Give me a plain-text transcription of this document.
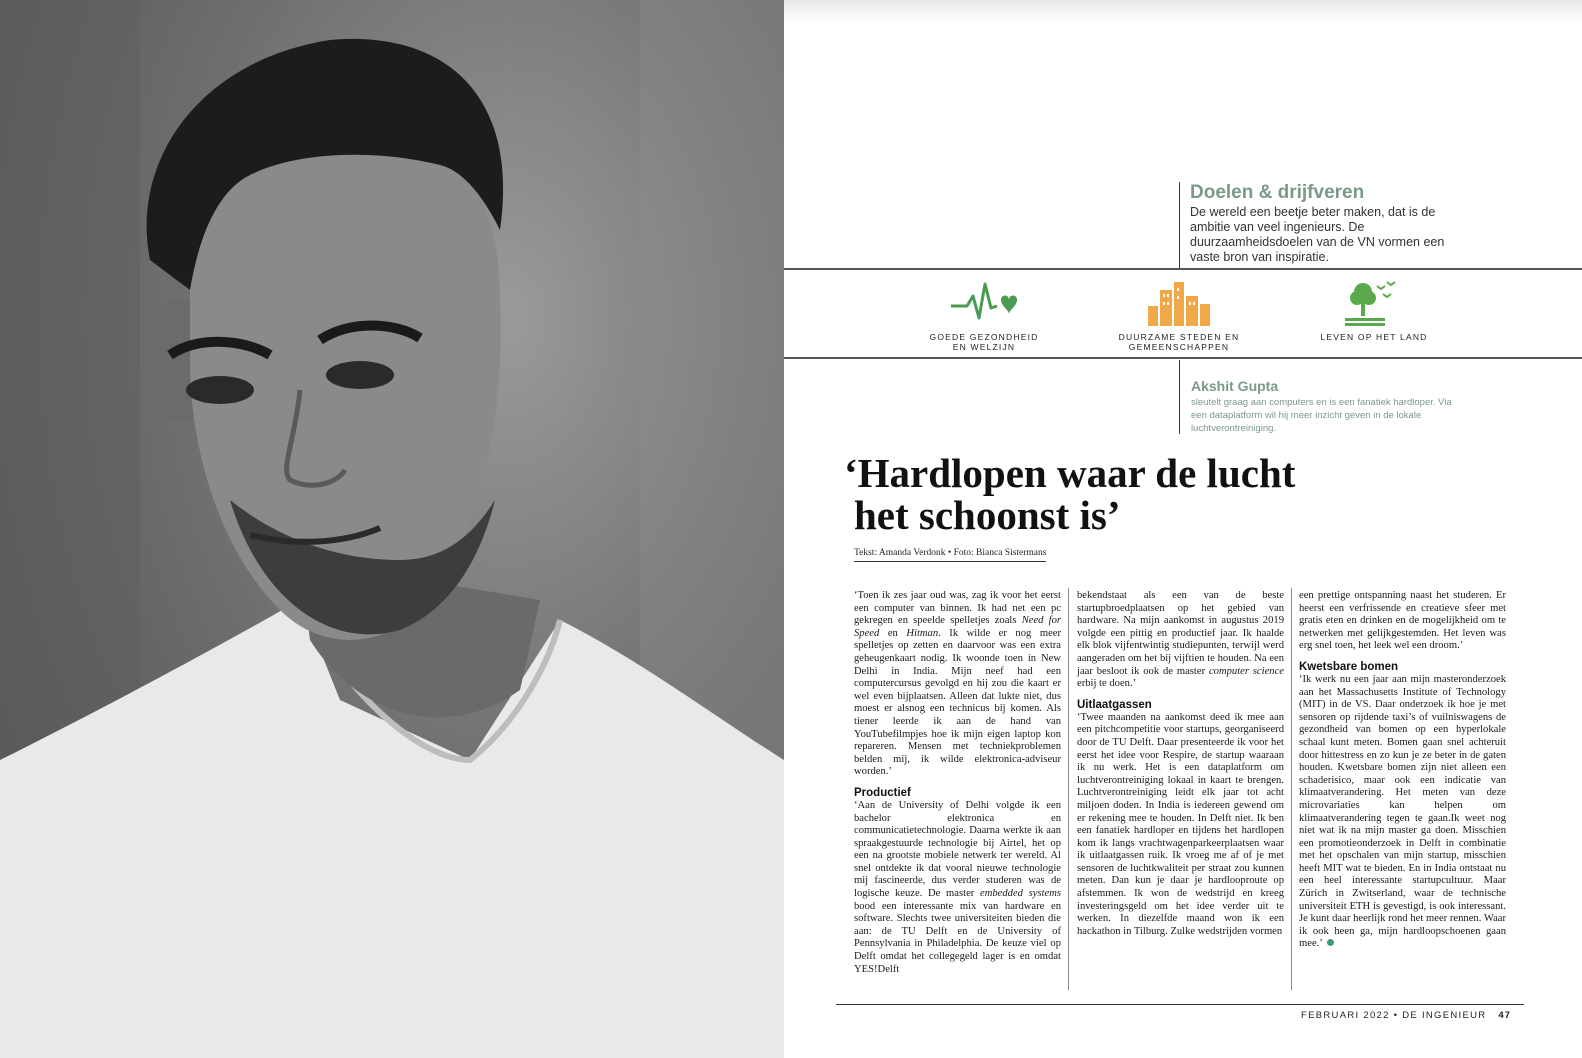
Doelen & drijfveren
De wereld een beetje beter maken, dat is de ambitie van veel ingenieurs. De duurzaamheidsdoelen van de VN vormen een vaste bron van inspiratie.
GOEDE GEZONDHEID
EN WELZIJN
DUURZAME STEDEN EN
GEMEENSCHAPPEN
LEVEN OP HET LAND
Akshit Gupta
sleutelt graag aan computers en is een fanatiek hardloper. Via een dataplatform wil hij meer inzicht geven in de lokale luchtverontreiniging.
‘Hardlopen waar de lucht
het schoonst is’
Tekst: Amanda Verdonk • Foto: Bianca Sistermans

‘Toen ik zes jaar oud was, zag ik voor het eerst een computer van binnen. Ik had net een pc gekregen en speelde spelletjes zoals Need for Speed en Hitman. Ik wilde er nog meer spelletjes op zetten en daarvoor was een extra geheugenkaart nodig. Ik woonde toen in New Delhi in India. Mijn neef had een computercursus gevolgd en hij zou die kaart er wel even bijplaatsen. Alleen dat lukte niet, dus moest er alsnog een technicus bij komen. Als tiener leerde ik aan de hand van YouTubefilmpjes hoe ik mijn eigen laptop kon repareren. Mensen met techniekproblemen belden mij, ik wilde elektronica-adviseur worden.’

Productief

‘Aan de University of Delhi volgde ik een bachelor elektronica en communicatietechnologie. Daarna werkte ik aan spraakgestuurde technologie bij Airtel, het op een na grootste mobiele netwerk ter wereld. Al snel ontdekte ik dat vooral nieuwe technologie mij fascineerde, dus verder studeren was de logische keuze. De master embedded systems bood een interessante mix van hardware en software. Slechts twee universiteiten bieden die aan: de TU Delft en de University of Pennsylvania in Philadelphia. De keuze viel op Delft omdat het collegegeld lager is en omdat YES!Delft

bekendstaat als een van de beste startupbroedplaatsen op het gebied van hardware. Na mijn aankomst in augustus 2019 volgde een pittig en productief jaar. Ik haalde elk blok vijfentwintig studiepunten, terwijl werd aangeraden om het bij vijftien te houden. Na een jaar besloot ik ook de master computer science erbij te doen.’

Uitlaatgassen

‘Twee maanden na aankomst deed ik mee aan een pitchcompetitie voor startups, georganiseerd door de TU Delft. Daar presenteerde ik voor het eerst het idee voor Respire, de startup waaraan ik nu werk. Het is een dataplatform om luchtverontreiniging lokaal in kaart te brengen. Luchtverontreiniging leidt elk jaar tot acht miljoen doden. In India is iedereen gewend om er rekening mee te houden. In Delft niet. Ik ben een fanatiek hardloper en tijdens het hardlopen kom ik langs vrachtwagenparkeerplaatsen waar ik uitlaatgassen ruik. Ik vroeg me af of je met sensoren de luchtkwaliteit per straat zou kunnen meten. Dan kun je daar je hardlooproute op afstemmen. Ik won de wedstrijd en kreeg investeringsgeld om het idee verder uit te werken. In diezelfde maand won ik een hackathon in Tilburg. Zulke wedstrijden vormen

een prettige ontspanning naast het studeren. Er heerst een verfrissende en creatieve sfeer met gratis eten en drinken en de mogelijkheid om te netwerken met gelijkgestemden. Het leven was erg snel toen, het leek wel een droom.’

Kwetsbare bomen

‘Ik werk nu een jaar aan mijn masteronderzoek aan het Massachusetts Institute of Technology (MIT) in de VS. Daar onderzoek ik hoe je met sensoren op rijdende taxi’s of vuilniswagens de gezondheid van bomen op een hyperlokale schaal kunt meten. Bomen gaan snel achteruit door hittestress en zo kun je ze beter in de gaten houden. Kwetsbare bomen zijn niet alleen een schaderisico, maar ook een indicatie van klimaatverandering. Het meten van deze microvariaties kan helpen om klimaatverandering tegen te gaan.Ik weet nog niet wat ik na mijn master ga doen. Misschien een promotieonderzoek in Delft in combinatie met het opschalen van mijn startup, misschien heeft MIT wat te bieden. En in India ontstaat nu een heel interessante startupcultuur. Maar Zürich in Zwitserland, waar de technische universiteit ETH is gevestigd, is ook interessant. Je kunt daar heerlijk rond het meer rennen. Waar ik ook heen ga, mijn hardloopschoenen gaan mee.’

FEBRUARI 2022 • DE INGENIEUR 47
